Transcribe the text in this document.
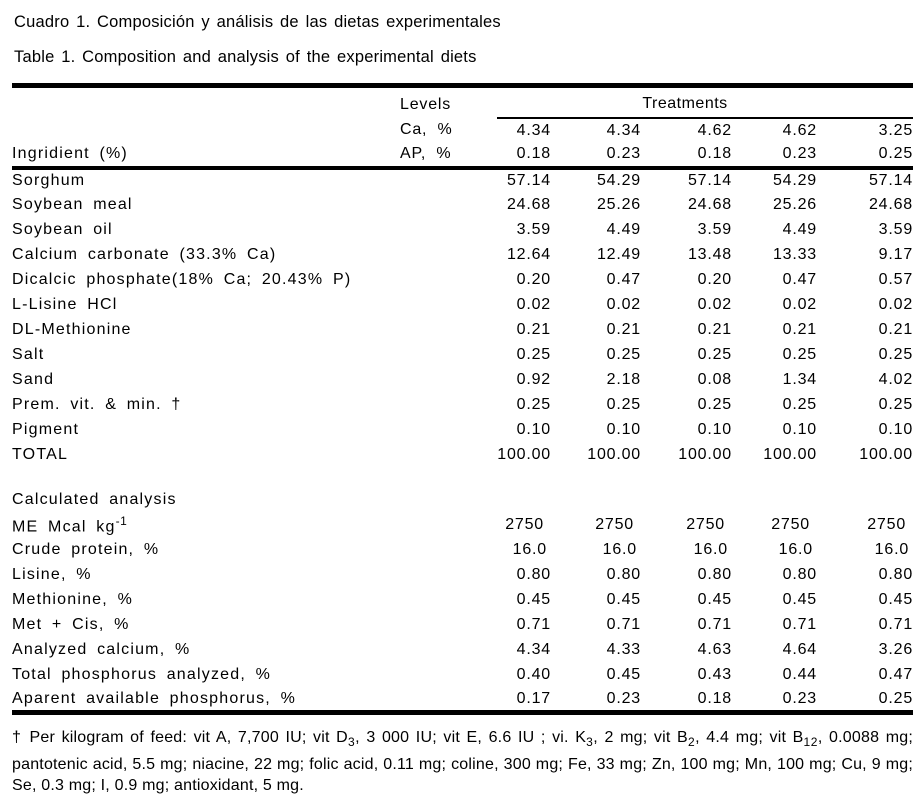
Cuadro 1. Composición y análisis de las dietas experimentales

Table 1. Composition and analysis of the experimental diets

	Levels	Treatments				
	Ca, %	4.34	4.34	4.62	4.62	3.25
Ingridient (%)	AP, %	0.18	0.23	0.18	0.23	0.25
Sorghum		57.14	54.29	57.14	54.29	57.14
Soybean meal		24.68	25.26	24.68	25.26	24.68
Soybean oil		3.59	4.49	3.59	4.49	3.59
Calcium carbonate (33.3% Ca)		12.64	12.49	13.48	13.33	9.17
Dicalcic phosphate(18% Ca; 20.43% P)		0.20	0.47	0.20	0.47	0.57
L-Lisine HCl		0.02	0.02	0.02	0.02	0.02
DL-Methionine		0.21	0.21	0.21	0.21	0.21
Salt		0.25	0.25	0.25	0.25	0.25
Sand		0.92	2.18	0.08	1.34	4.02
Prem. vit. & min. †		0.25	0.25	0.25	0.25	0.25
Pigment		0.10	0.10	0.10	0.10	0.10
TOTAL		100.00	100.00	100.00	100.00	100.00

Calculated analysis						
ME Mcal $kg^{-1}$		2750	2750	2750	2750	2750
Crude protein, %		16.0	16.0	16.0	16.0	16.0
Lisine, %		0.80	0.80	0.80	0.80	0.80
Methionine, %		0.45	0.45	0.45	0.45	0.45
Met + Cis, %		0.71	0.71	0.71	0.71	0.71
Analyzed calcium, %		4.34	4.33	4.63	4.64	3.26
Total phosphorus analyzed, %		0.40	0.45	0.43	0.44	0.47
Aparent available phosphorus, %		0.17	0.23	0.18	0.23	0.25

† Per kilogram of feed: vit A, 7,700 IU; vit $D_3$, 3 000 IU; vit E, 6.6 IU ; vi. $K_3$, 2 mg; vit $B_2$, 4.4 mg; vit $B_{12}$, 0.0088 mg; pantotenic acid, 5.5 mg; niacine, 22 mg; folic acid, 0.11 mg; coline, 300 mg; Fe, 33 mg; Zn, 100 mg; Mn, 100 mg; Cu, 9 mg; Se, 0.3 mg; I, 0.9 mg; antioxidant, 5 mg.
